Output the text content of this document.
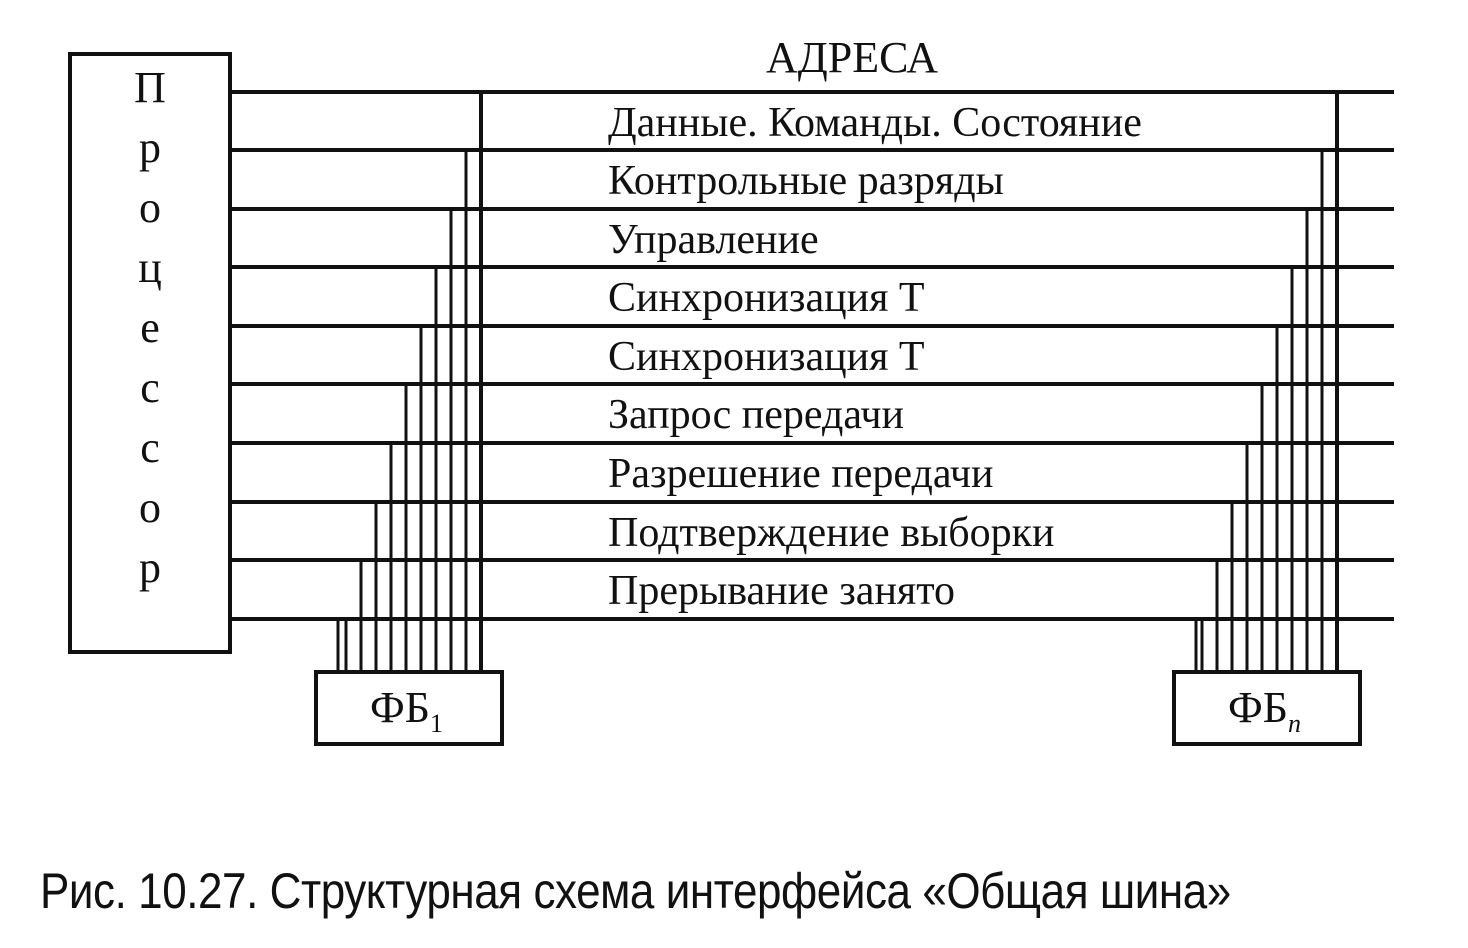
П
р
о
ц
е
с
с
о
р
АДРЕСА
Данные. Команды. Состояние
Контрольные разряды
Управление
Синхронизация Т
Синхронизация Т
Запрос передачи
Разрешение передачи
Подтверждение выборки
Прерывание занято
$ФБ_1$	$ФБ_n$
Рис. 10.27. Структурная схема интерфейса «Общая шина»
